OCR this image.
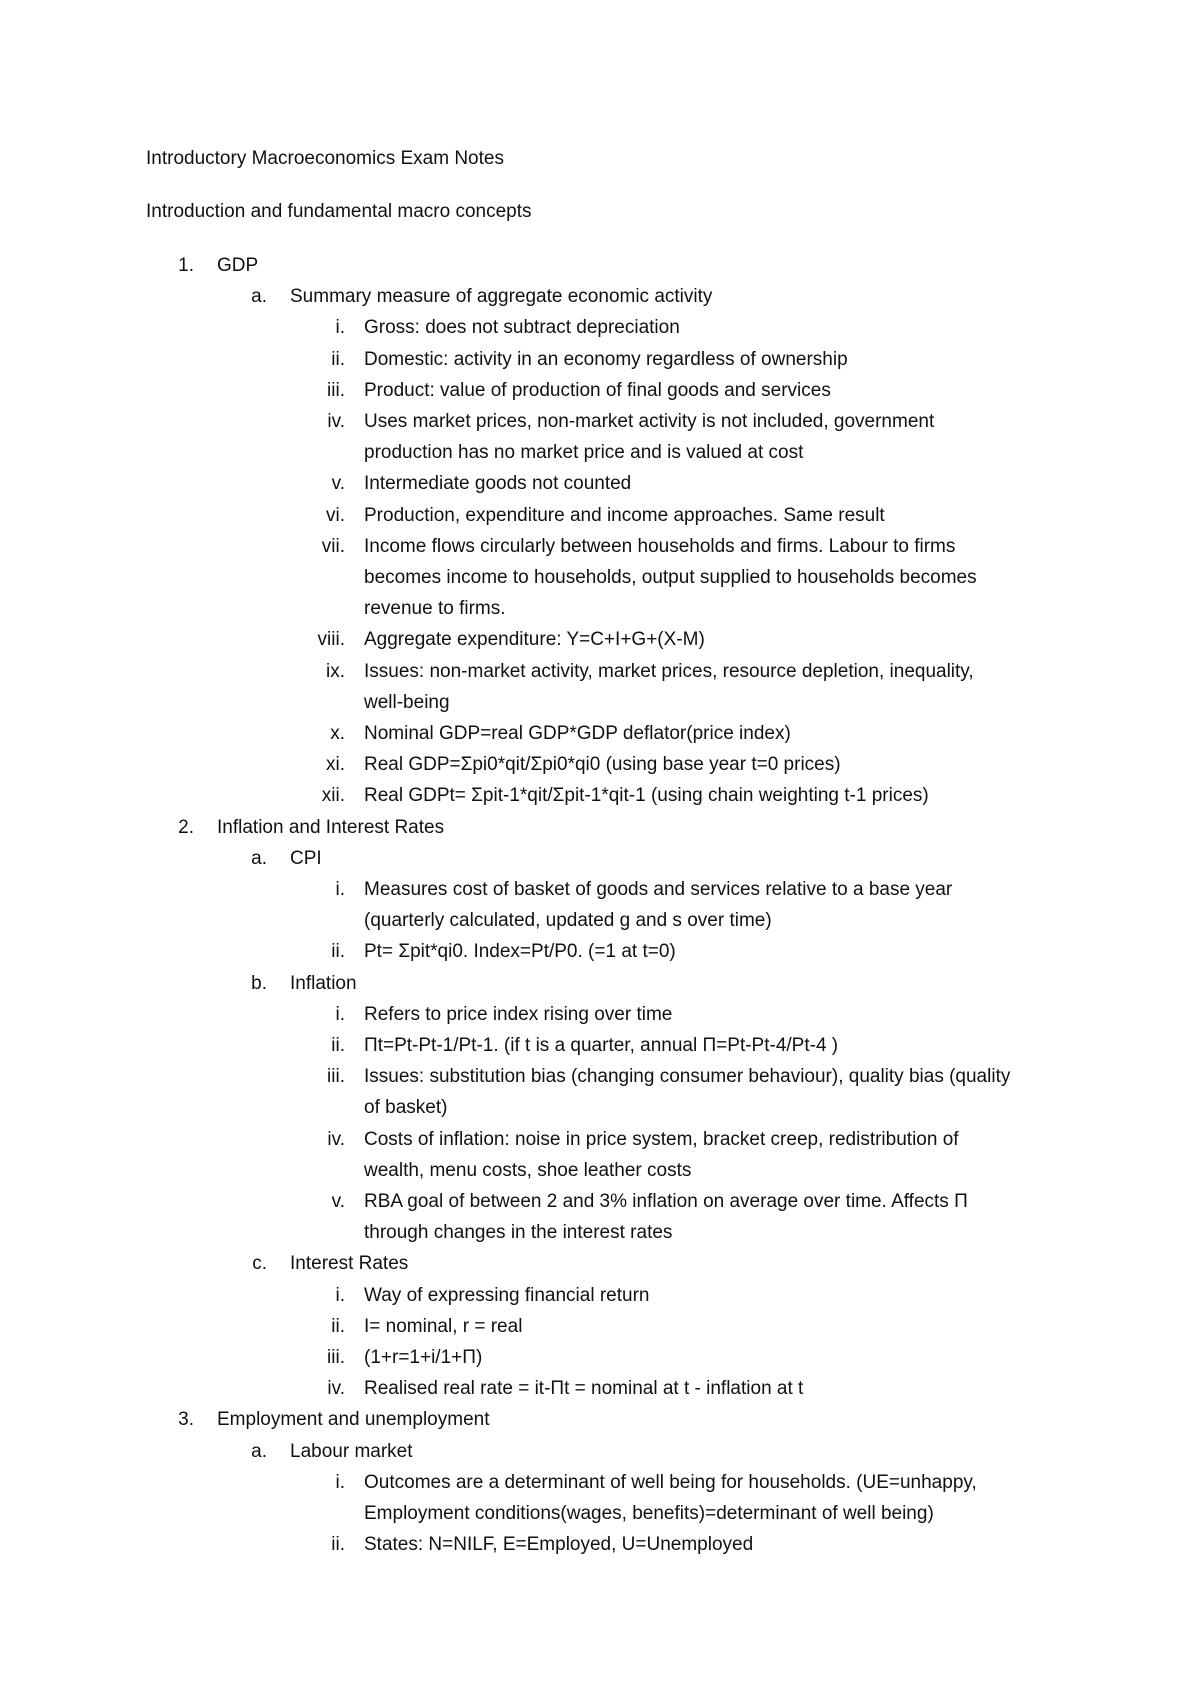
Introductory Macroeconomics Exam Notes
Introduction and fundamental macro concepts
1. GDP
a. Summary measure of aggregate economic activity
i. Gross: does not subtract depreciation
ii. Domestic: activity in an economy regardless of ownership
iii. Product: value of production of final goods and services
iv. Uses market prices, non-market activity is not included, government
production has no market price and is valued at cost
v. Intermediate goods not counted
vi. Production, expenditure and income approaches. Same result
vii. Income flows circularly between households and firms. Labour to firms
becomes income to households, output supplied to households becomes
revenue to firms.
viii. Aggregate expenditure: Y=C+I+G+(X-M)
ix. Issues: non-market activity, market prices, resource depletion, inequality,
well-being
x. Nominal GDP=real GDP*GDP deflator(price index)
xi. Real GDP=Σpi0*qit/Σpi0*qi0 (using base year t=0 prices)
xii. Real GDPt= Σpit-1*qit/Σpit-1*qit-1 (using chain weighting t-1 prices)
2. Inflation and Interest Rates
a. CPI
i. Measures cost of basket of goods and services relative to a base year
(quarterly calculated, updated g and s over time)
ii. Pt= Σpit*qi0. Index=Pt/P0. (=1 at t=0)
b. Inflation
i. Refers to price index rising over time
ii. Πt=Pt-Pt-1/Pt-1. (if t is a quarter, annual Π=Pt-Pt-4/Pt-4 )
iii. Issues: substitution bias (changing consumer behaviour), quality bias (quality
of basket)
iv. Costs of inflation: noise in price system, bracket creep, redistribution of
wealth, menu costs, shoe leather costs
v. RBA goal of between 2 and 3% inflation on average over time. Affects Π
through changes in the interest rates
c. Interest Rates
i. Way of expressing financial return
ii. I= nominal, r = real
iii. (1+r=1+i/1+Π)
iv. Realised real rate = it-Πt = nominal at t - inflation at t
3. Employment and unemployment
a. Labour market
i. Outcomes are a determinant of well being for households. (UE=unhappy,
Employment conditions(wages, benefits)=determinant of well being)
ii. States: N=NILF, E=Employed, U=Unemployed
